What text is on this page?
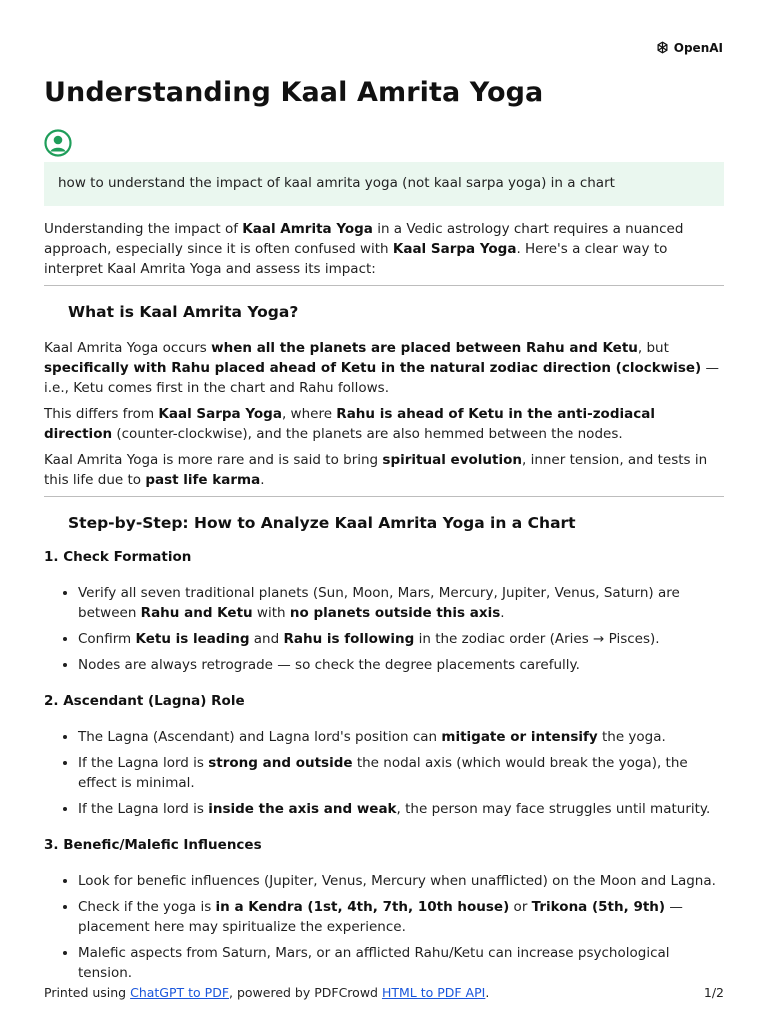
OpenAI
Understanding Kaal Amrita Yoga
how to understand the impact of kaal amrita yoga (not kaal sarpa yoga) in a chart

Understanding the impact of Kaal Amrita Yoga in a Vedic astrology chart requires a nuanced approach, especially since it is often confused with Kaal Sarpa Yoga. Here's a clear way to interpret Kaal Amrita Yoga and assess its impact:

What is Kaal Amrita Yoga?

Kaal Amrita Yoga occurs when all the planets are placed between Rahu and Ketu, but specifically with Rahu placed ahead of Ketu in the natural zodiac direction (clockwise) — i.e., Ketu comes first in the chart and Rahu follows.

This differs from Kaal Sarpa Yoga, where Rahu is ahead of Ketu in the anti-zodiacal direction (counter-clockwise), and the planets are also hemmed between the nodes.

Kaal Amrita Yoga is more rare and is said to bring spiritual evolution, inner tension, and tests in this life due to past life karma.

Step-by-Step: How to Analyze Kaal Amrita Yoga in a Chart
1. Check Formation
• Verify all seven traditional planets (Sun, Moon, Mars, Mercury, Jupiter, Venus, Saturn) are between Rahu and Ketu with no planets outside this axis.
• Confirm Ketu is leading and Rahu is following in the zodiac order (Aries → Pisces).
• Nodes are always retrograde — so check the degree placements carefully.
2. Ascendant (Lagna) Role
• The Lagna (Ascendant) and Lagna lord's position can mitigate or intensify the yoga.
• If the Lagna lord is strong and outside the nodal axis (which would break the yoga), the effect is minimal.
• If the Lagna lord is inside the axis and weak, the person may face struggles until maturity.
3. Benefic/Malefic Influences
• Look for benefic influences (Jupiter, Venus, Mercury when unafflicted) on the Moon and Lagna.
• Check if the yoga is in a Kendra (1st, 4th, 7th, 10th house) or Trikona (5th, 9th) — placement here may spiritualize the experience.
• Malefic aspects from Saturn, Mars, or an afflicted Rahu/Ketu can increase psychological tension.
Printed using ChatGPT to PDF, powered by PDFCrowd HTML to PDF API.	1/2
